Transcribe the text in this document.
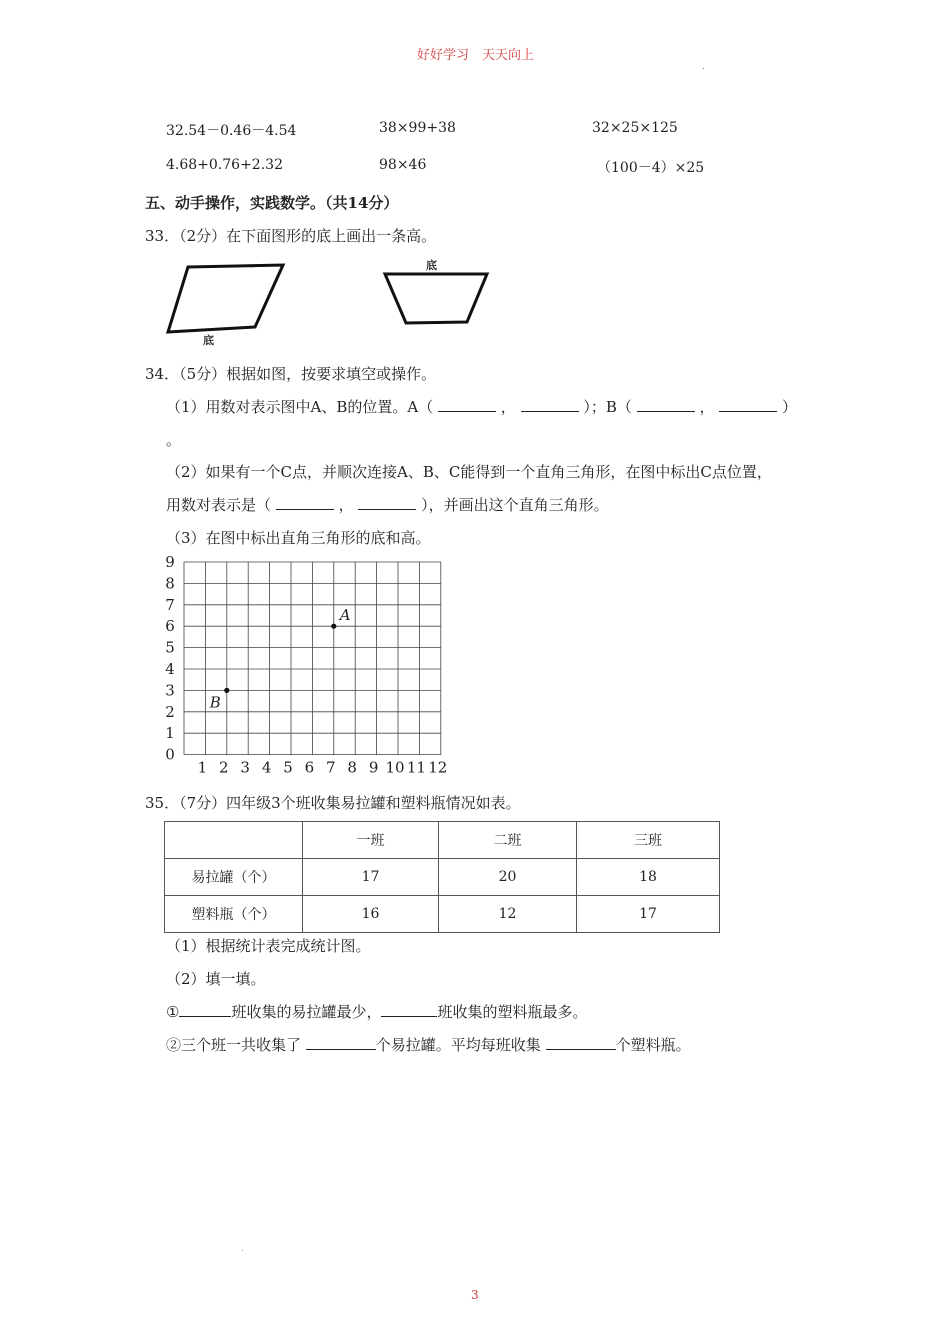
好好学习　天天向上
.
32.54－0.46－4.54	38×99+38	32×25×125
4.68+0.76+2.32	98×46	（100－4）×25
五、动手操作，实践数学。（共14分）
33．（2分）在下面图形的底上画出一条高。
底
底
34．（5分）根据如图，按要求填空或操作。
（1）用数对表示图中A、B的位置。A（	，	）；B（	，	）
。
（2）如果有一个C点，并顺次连接A、B、C能得到一个直角三角形，在图中标出C点位置，
用数对表示是（	，	），并画出这个直角三角形。
（3）在图中标出直角三角形的底和高。
9
8
7
6
5
4
3
2
1
0
1 2 3 4 5 6 7 8 9 10 11 12
A
B
35．（7分）四年级3个班收集易拉罐和塑料瓶情况如表。
	一班	二班	三班
易拉罐（个）	17	20	18
塑料瓶（个）	16	12	17
（1）根据统计表完成统计图。
（2）填一填。
①	班收集的易拉罐最少，	班收集的塑料瓶最多。
②三个班一共收集了	个易拉罐。平均每班收集	个塑料瓶。
.
3
